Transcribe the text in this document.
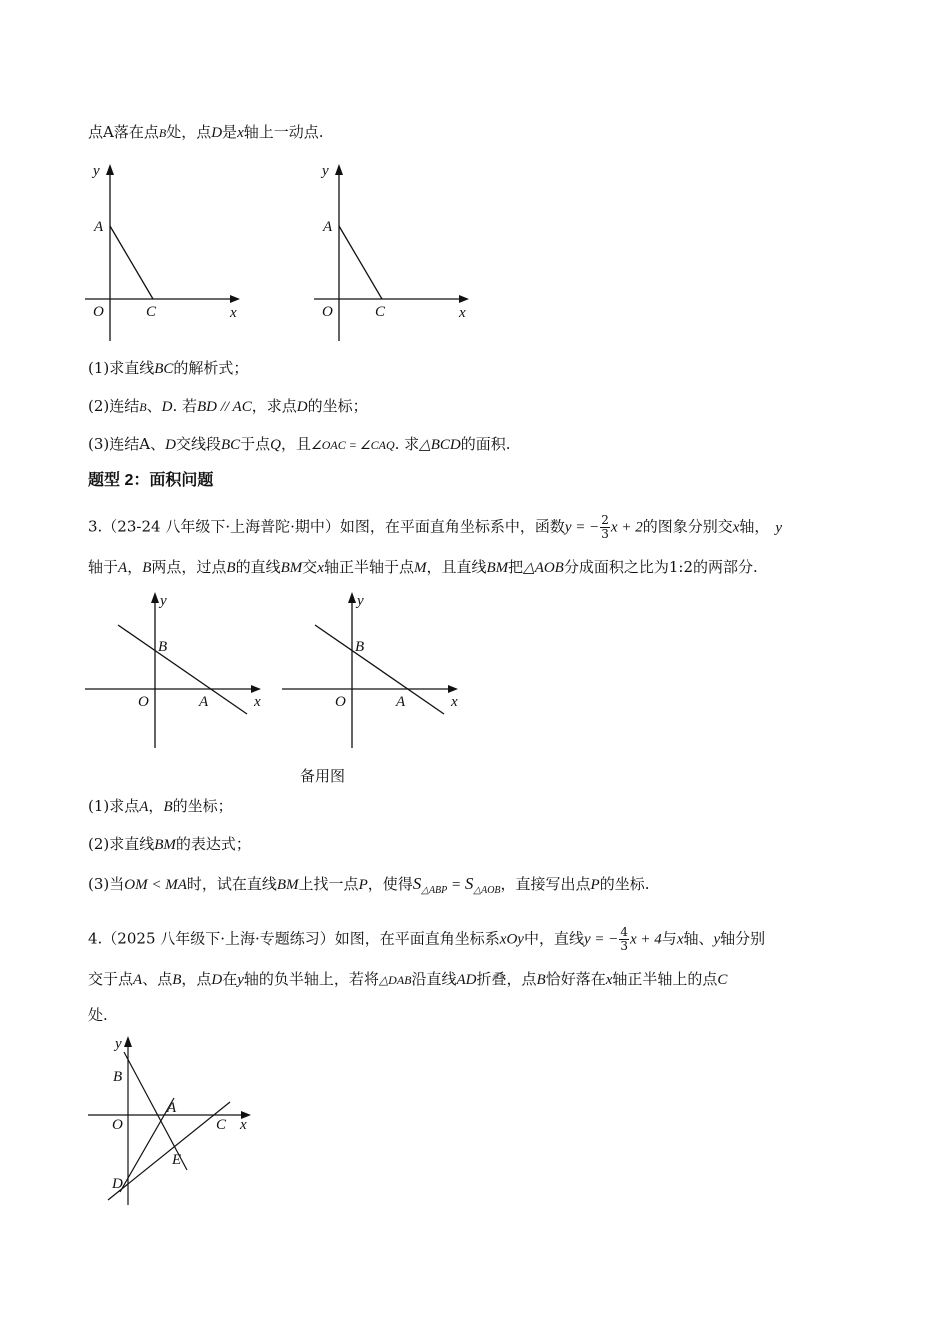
点A落在点B处，点D是x轴上一动点.
y
A
O	C	x
y
A
O	C	x
(1)求直线BC的解析式；
(2)连结B、D. 若BD // AC，求点D的坐标；
(3)连结A、D交线段BC于点Q，且∠OAC = ∠CAQ. 求△BCD的面积.
题型 2：面积问题
3.（23-24 八年级下·上海普陀·期中）如图，在平面直角坐标系中，函数y = − $\frac{2}{3}$ x + 2的图象分别交x轴， y
轴于A，B两点，过点B的直线BM交x轴正半轴于点M，且直线BM把△AOB分成面积之比为1:2的两部分.
y
B
O	A	x
y
B
O	A	x
备用图
(1)求点A，B的坐标；
(2)求直线BM的表达式；
(3)当OM < MA时，试在直线BM上找一点P，使得$S_{\triangle ABP} = S_{\triangle AOB}$，直接写出点P的坐标.
4.（2025 八年级下·上海·专题练习）如图，在平面直角坐标系xOy中，直线y = − $\frac{4}{3}$ x + 4与x轴、y轴分别
交于点A、点B，点D在y轴的负半轴上，若将△DAB沿直线AD折叠，点B恰好落在x轴正半轴上的点C
处.
y
B
A
O	C x
E
D
